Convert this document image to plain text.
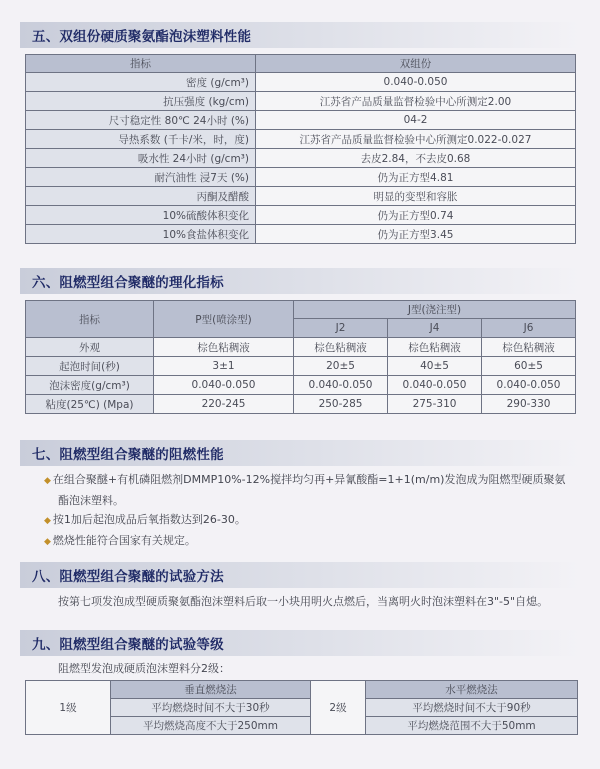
五、双组份硬质聚氨酯泡沫塑料性能
指标	双组份
密度 (g/cm³)	0.040-0.050
抗压强度 (kg/cm)	江苏省产品质量监督检验中心所测定2.00
尺寸稳定性 80℃ 24小时 (%)	04-2
导热系数 (千卡/米，时，度)	江苏省产品质量监督检验中心所测定0.022-0.027
吸水性 24小时 (g/cm³)	去皮2.84，不去皮0.68
耐汽油性 浸7天 (%)	仍为正方型4.81
丙酮及醋酸	明显的变型和容胀
10%硫酸体积变化	仍为正方型0.74
10%食盐体积变化	仍为正方型3.45
六、阻燃型组合聚醚的理化指标
指标	P型(喷涂型)	J型(浇注型)		
		J2	J4	J6
外观	棕色粘稠液	棕色粘稠液	棕色粘稠液	棕色粘稠液
起泡时间(秒)	3±1	20±5	40±5	60±5
泡沫密度(g/cm³)	0.040-0.050	0.040-0.050	0.040-0.050	0.040-0.050
粘度(25℃) (Mpa)	220-245	250-285	275-310	290-330
七、阻燃型组合聚醚的阻燃性能
◆ 在组合聚醚+有机磷阻燃剂DMMP10%-12%搅拌均匀再+异氰酸酯=1+1(m/m)发泡成为阻燃型硬质聚氨
酯泡沫塑料。
◆ 按1加后起泡成品后氧指数达到26-30。
◆ 燃烧性能符合国家有关规定。
八、阻燃型组合聚醚的试验方法

按第七项发泡成型硬质聚氨酯泡沫塑料后取一小块用明火点燃后，当离明火时泡沫塑料在3"-5"自熄。

九、阻燃型组合聚醚的试验等级

阻燃型发泡成硬质泡沫塑料分2级：

1级	垂直燃烧法	2级	水平燃烧法
	平均燃烧时间不大于30秒		平均燃烧时间不大于90秒
	平均燃烧高度不大于250mm		平均燃烧范围不大于50mm
